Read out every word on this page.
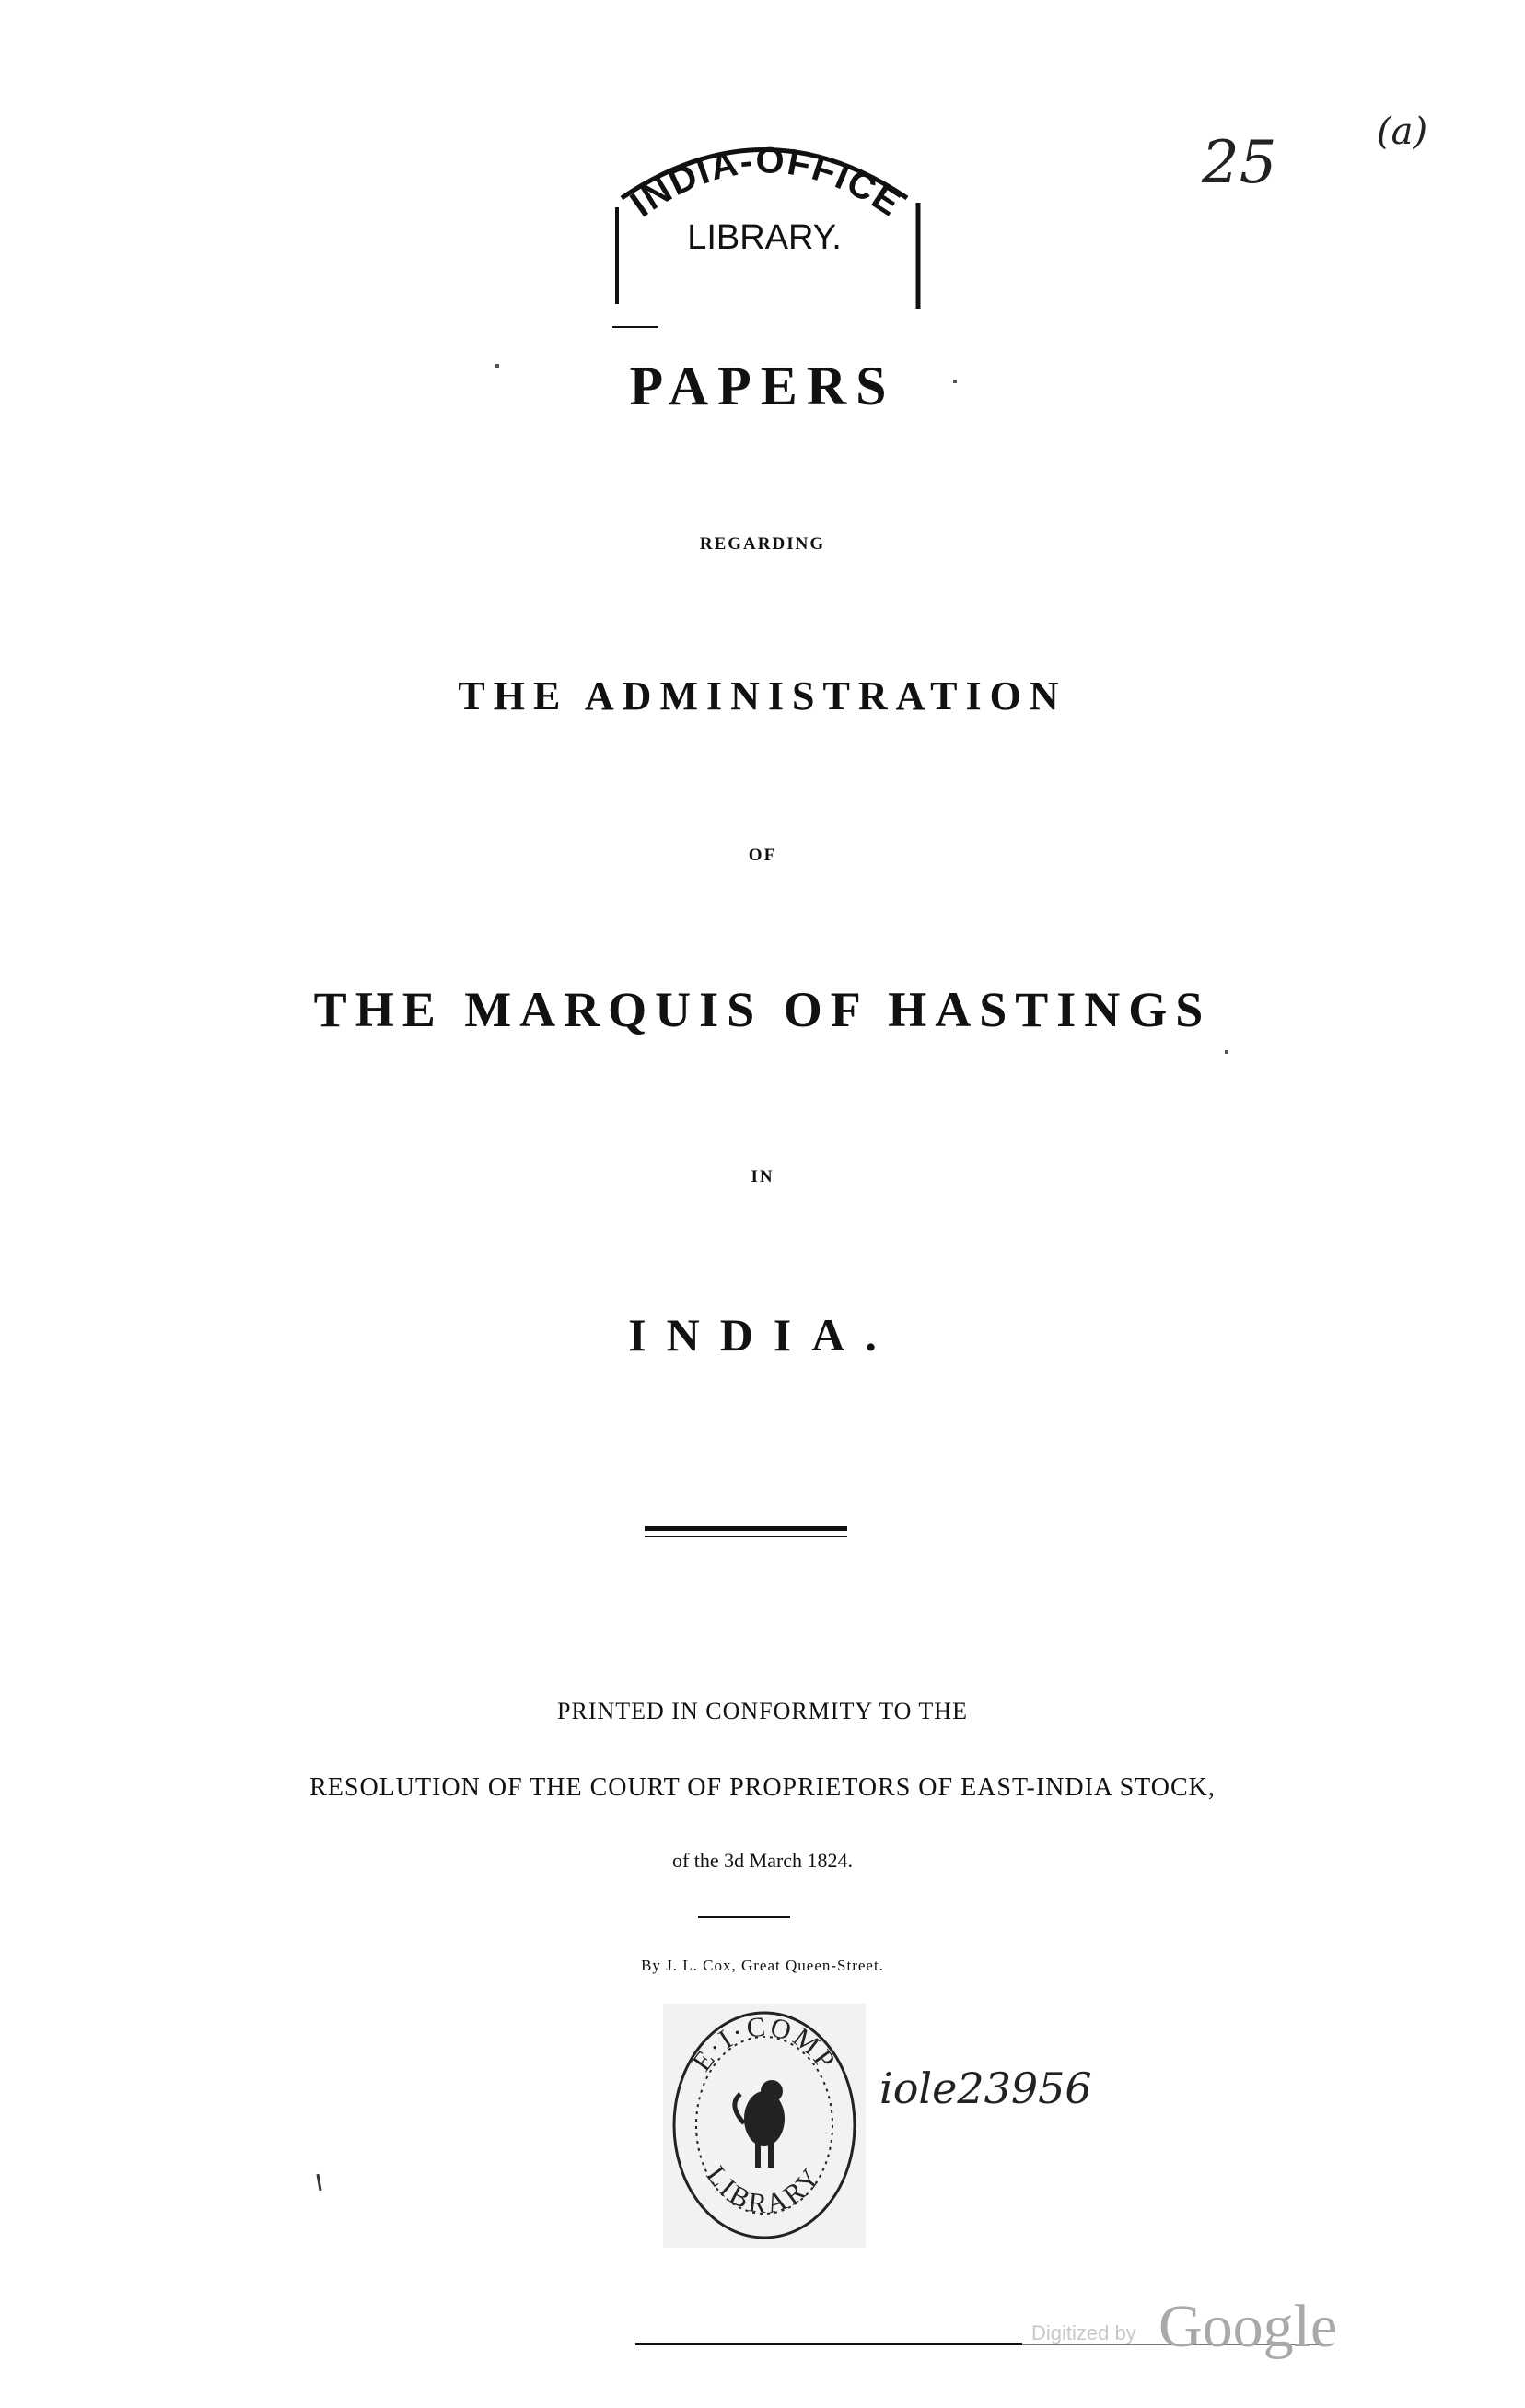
INDIA-OFFICE
LIBRARY.
25	(a)
PAPERS
REGARDING
THE ADMINISTRATION
OF
THE MARQUIS OF HASTINGS
IN
INDIA.
PRINTED IN CONFORMITY TO THE
RESOLUTION OF THE COURT OF PROPRIETORS OF EAST-INDIA STOCK,
of the 3d March 1824.
By J. L. Cox, Great Queen-Street.
E·I·COMP
LIBRARY
iole23956
Digitized by Google
